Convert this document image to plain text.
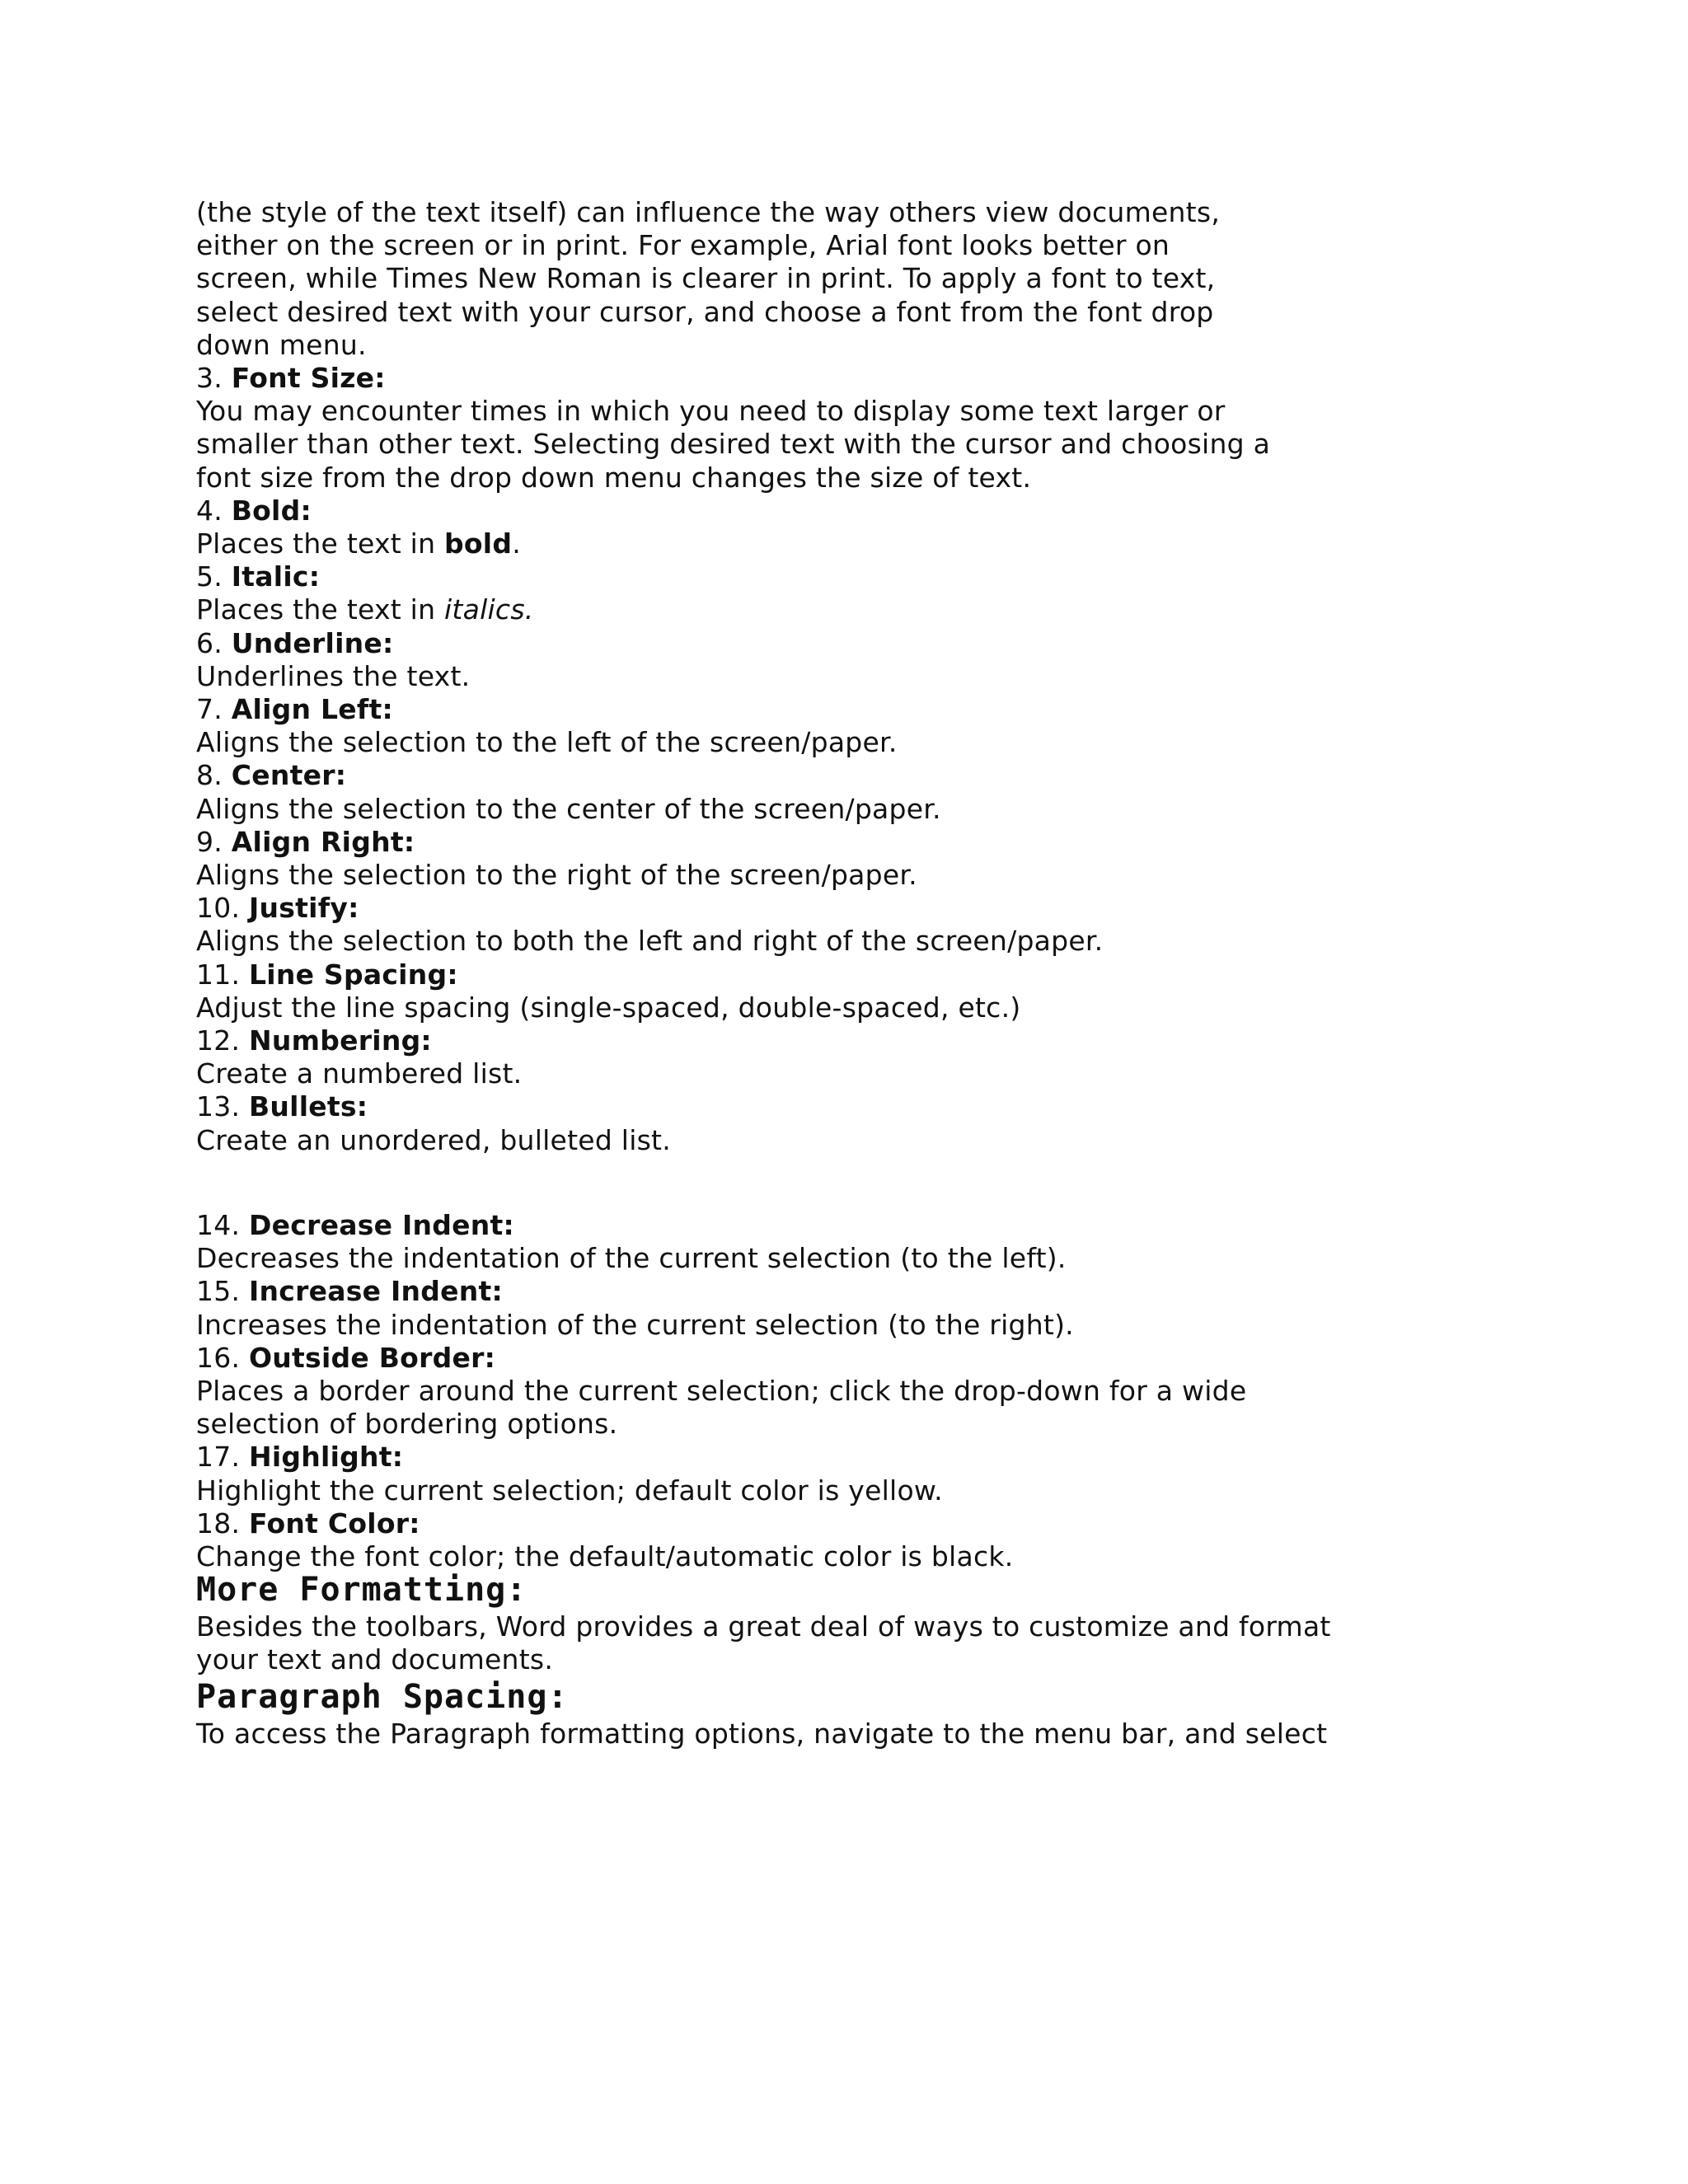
(the style of the text itself) can influence the way others view documents,
either on the screen or in print. For example, Arial font looks better on
screen, while Times New Roman is clearer in print. To apply a font to text,
select desired text with your cursor, and choose a font from the font drop
down menu.
3. Font Size:
You may encounter times in which you need to display some text larger or
smaller than other text. Selecting desired text with the cursor and choosing a
font size from the drop down menu changes the size of text.
4. Bold:
Places the text in bold.
5. Italic:
Places the text in italics.
6. Underline:
Underlines the text.
7. Align Left:
Aligns the selection to the left of the screen/paper.
8. Center:
Aligns the selection to the center of the screen/paper.
9. Align Right:
Aligns the selection to the right of the screen/paper.
10. Justify:
Aligns the selection to both the left and right of the screen/paper.
11. Line Spacing:
Adjust the line spacing (single-spaced, double-spaced, etc.)
12. Numbering:
Create a numbered list.
13. Bullets:
Create an unordered, bulleted list.
14. Decrease Indent:
Decreases the indentation of the current selection (to the left).
15. Increase Indent:
Increases the indentation of the current selection (to the right).
16. Outside Border:
Places a border around the current selection; click the drop-down for a wide
selection of bordering options.
17. Highlight:
Highlight the current selection; default color is yellow.
18. Font Color:
Change the font color; the default/automatic color is black.
More Formatting:
Besides the toolbars, Word provides a great deal of ways to customize and format
your text and documents.
Paragraph Spacing:
To access the Paragraph formatting options, navigate to the menu bar, and select
